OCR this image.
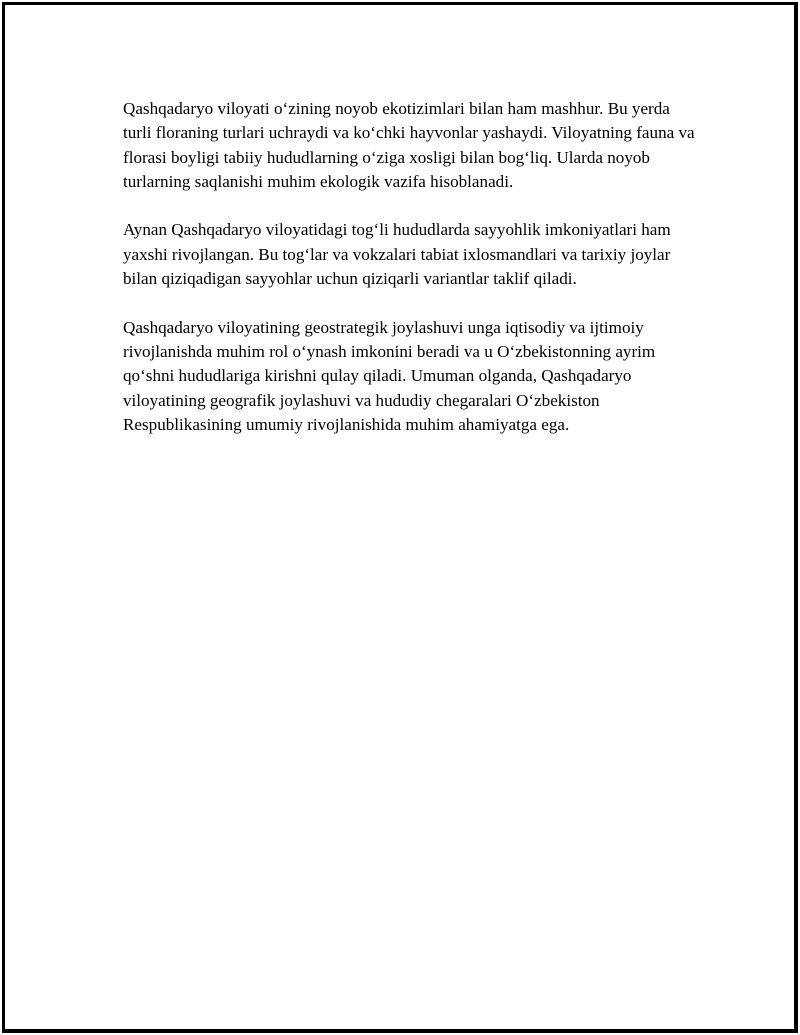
Qashqadaryo viloyati o‘zining noyob ekotizimlari bilan ham mashhur. Bu yerda turli floraning turlari uchraydi va ko‘chki hayvonlar yashaydi. Viloyatning fauna va florasi boyligi tabiiy hududlarning o‘ziga xosligi bilan bog‘liq. Ularda noyob turlarning saqlanishi muhim ekologik vazifa hisoblanadi.

Aynan Qashqadaryo viloyatidagi tog‘li hududlarda sayyohlik imkoniyatlari ham yaxshi rivojlangan. Bu tog‘lar va vokzalari tabiat ixlosmandlari va tarixiy joylar bilan qiziqadigan sayyohlar uchun qiziqarli variantlar taklif qiladi.

Qashqadaryo viloyatining geostrategik joylashuvi unga iqtisodiy va ijtimoiy rivojlanishda muhim rol o‘ynash imkonini beradi va u O‘zbekistonning ayrim qo‘shni hududlariga kirishni qulay qiladi. Umuman olganda, Qashqadaryo viloyatining geografik joylashuvi va hududiy chegaralari O‘zbekiston Respublikasining umumiy rivojlanishida muhim ahamiyatga ega.
